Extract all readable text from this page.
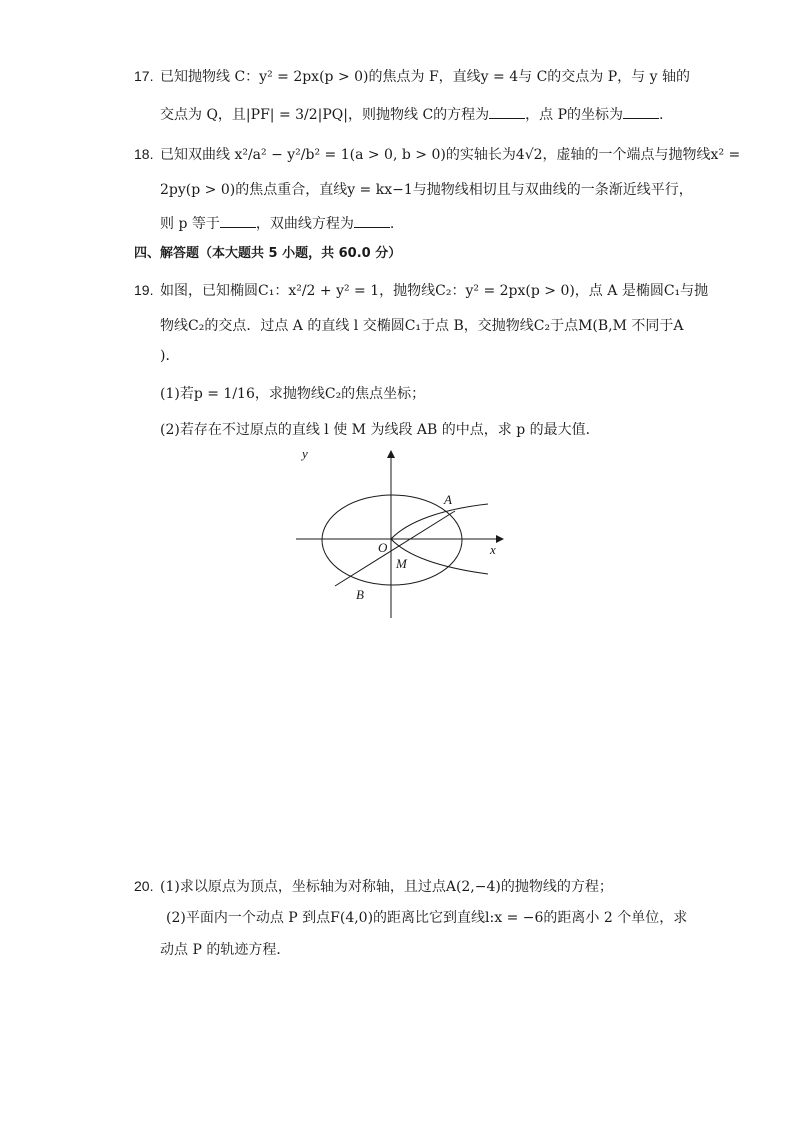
17. 已知抛物线 C：y² = 2px(p > 0)的焦点为 F，直线y = 4与 C的交点为 P，与 y 轴的
交点为 Q，且|PF| = 3/2|PQ|，则抛物线 C的方程为	，点 P的坐标为	.
18. 已知双曲线 x²/a² − y²/b² = 1(a > 0, b > 0)的实轴长为4√2，虚轴的一个端点与抛物线x² =
2py(p > 0)的焦点重合，直线y = kx−1与抛物线相切且与双曲线的一条渐近线平行，
则 p 等于	，双曲线方程为	.
四、解答题（本大题共 5 小题，共 60.0 分）
19. 如图，已知椭圆C₁：x²/2 + y² = 1，抛物线C₂：y² = 2px(p > 0)，点 A 是椭圆C₁与抛
物线C₂的交点．过点 A 的直线 l 交椭圆C₁于点 B，交抛物线C₂于点M(B,M 不同于A
)．
(1)若p = 1/16，求抛物线C₂的焦点坐标；
(2)若存在不过原点的直线 l 使 M 为线段 AB 的中点，求 p 的最大值．
y
x
O
A
B
M
20. (1)求以原点为顶点，坐标轴为对称轴，且过点A(2,−4)的抛物线的方程；
(2)平面内一个动点 P 到点F(4,0)的距离比它到直线l:x = −6的距离小 2 个单位，求
动点 P 的轨迹方程．
